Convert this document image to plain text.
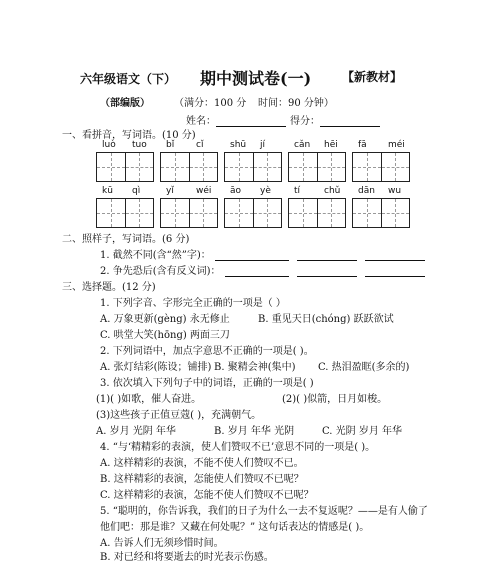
六年级语文（下） 期中测试卷(一)	【新教材】
（部编版） （满分：100 分 时间：90 分钟）
姓名：	得分：
一、看拼音，写词语。(10 分)
luò tuo bǐ cǐ	shū jí	cǎn hēi fā méi
kū qì	yǐ wéi āo yè	tí	chǔ dān wu
二、照样子，写词语。(6 分)
1. 截然不同(含“然”字)：
2. 争先恐后(含有反义词)：
三、选择题。(12 分)
1. 下列字音、字形完全正确的一项是（ ）
A. 万象更新(gèng) 永无修止	B. 重见天日(chóng) 跃跃欲试
C. 哄堂大笑(hōng) 两面三刀
2. 下列词语中，加点字意思不正确的一项是( )。
A. 张灯结彩(陈设；铺排) B. 聚精会神(集中) C. 热泪盈眶(多余的)
3. 依次填入下列句子中的词语，正确的一项是( )
(1)( )如歌，催人奋进。	(2)( )似箭，日月如梭。
(3)这些孩子正值豆蔻( )，充满朝气。
A. 岁月 光阴 年华	B. 岁月 年华 光阴	C. 光阴 岁月 年华
4. “与‘精精彩的表演，使人们赞叹不已’意思不同的一项是( )。
A. 这样精彩的表演，不能不使人们赞叹不已。
B. 这样精彩的表演，怎能使人们赞叹不已呢？
C. 这样精彩的表演，怎能不使人们赞叹不已呢？
5. “聪明的，你告诉我，我们的日子为什么一去不复返呢？——是有人偷了
他们吧：那是谁？又藏在何处呢？” 这句话表达的情感是( )。
A. 告诉人们无须珍惜时间。
B. 对已经和将要逝去的时光表示伤感。
